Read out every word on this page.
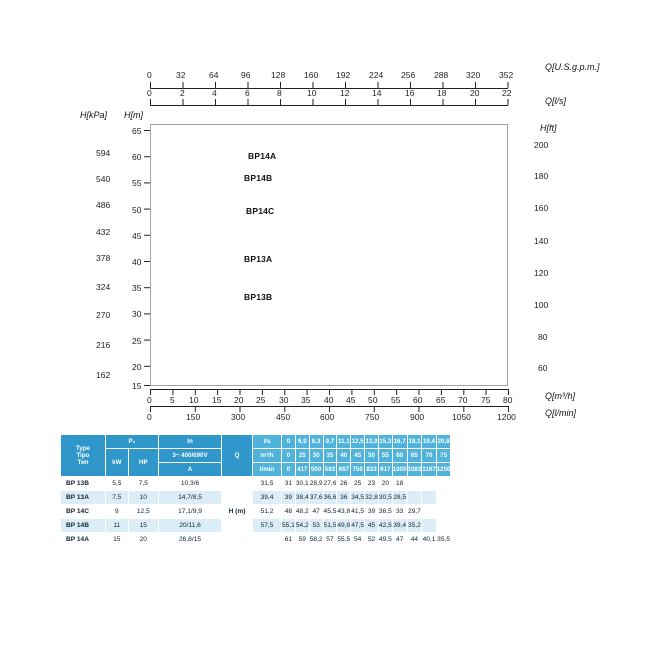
Q[U.S.g.p.m.]
Q[l/s]
H[kPa] H[m]
H[ft]
Q[m³/h]
Q[l/min]
0	32	64	96 128 160 192 224 256 288 320 352
0	2	4	6	8	10	12	14	16	18	20	22
65
60
55
50
45
40
35
30
25
20
15
594
540
486
432
378
324
270
216
162
200
180
160
140
120
100
80
60
0 5 10 15 20 25 30 35 40 45 50 55 60 65 70 75 80
0	150	300	450	600	750	900	1050	1200
BP14A
BP14B
BP14C
BP13A
BP13B
Type
Tipo
Тип	P₂		In	Q	l/s	0	6,9	8,3	9,7	11,1	12,5	13,9	15,3	16,7	18,1	19,4	20,8
	kW	HP	3~ 400/690V		m³/h	0	25	30	35	40	45	50	55	60	65	70	75
			A		l/min	0	417	500	583	667	750	833	917	1000	1083	1167	1250
BP 13B	5,5	7,5	10,3/6	H (m)	31,5	31	30,1	28,9	27,6	26	25	23	20	18			
BP 13A	7,5	10	14,7/8,5		39,4	39	38,4	37,6	36,6	36	34,5	32,8	30,5	28,5			
BP 14C	9	12,5	17,1/9,9		51,2	48	48,2	47	45,5	43,8	41,5	39	36,5	33	29,7		
BP 14B	11	15	20/11,6		57,5	55,1	54,2	53	51,5	49,8	47,5	45	42,5	39,4	35,2		
BP 14A	15	20	26,8/15			61	59	58,2	57	55,5	54	52	49,5	47	44	40,1	35,5
